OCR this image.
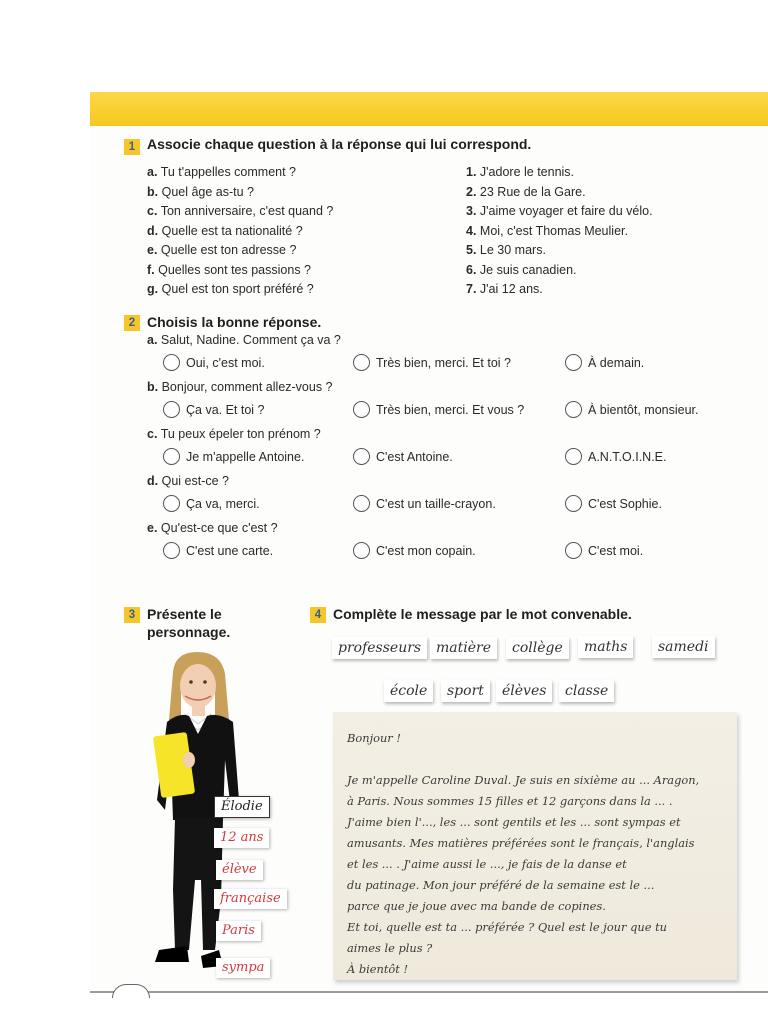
1 Associe chaque question à la réponse qui lui correspond.
a. Tu t'appelles comment ?
b. Quel âge as-tu ?
c. Ton anniversaire, c'est quand ?
d. Quelle est ta nationalité ?
e. Quelle est ton adresse ?
f. Quelles sont tes passions ?
g. Quel est ton sport préféré ?
1. J'adore le tennis.
2. 23 Rue de la Gare.
3. J'aime voyager et faire du vélo.
4. Moi, c'est Thomas Meulier.
5. Le 30 mars.
6. Je suis canadien.
7. J'ai 12 ans.
2 Choisis la bonne réponse.
a. Salut, Nadine. Comment ça va ?
Oui, c'est moi.	Très bien, merci. Et toi ?	À demain.
b. Bonjour, comment allez-vous ?
Ça va. Et toi ?	Très bien, merci. Et vous ?	À bientôt, monsieur.
c. Tu peux épeler ton prénom ?
Je m'appelle Antoine.	C'est Antoine.	A.N.T.O.I.N.E.
d. Qui est-ce ?
Ça va, merci.	C'est un taille-crayon.	C'est Sophie.
e. Qu'est-ce que c'est ?
C'est une carte.	C'est mon copain.	C'est moi.
3 Présente le
personnage.
Élodie
12 ans
élève
française
Paris
sympa
4 Complète le message par le mot convenable.
professeurs	matière	collège	maths	samedi
école	sport	élèves	classe
Bonjour !
Je m'appelle Caroline Duval. Je suis en sixième au ... Aragon,
à Paris. Nous sommes 15 filles et 12 garçons dans la ... .
J'aime bien l'..., les ... sont gentils et les ... sont sympas et
amusants. Mes matières préférées sont le français, l'anglais
et les ... . J'aime aussi le ..., je fais de la danse et
du patinage. Mon jour préféré de la semaine est le ...
parce que je joue avec ma bande de copines.
Et toi, quelle est ta ... préférée ? Quel est le jour que tu
aimes le plus ?
À bientôt !
